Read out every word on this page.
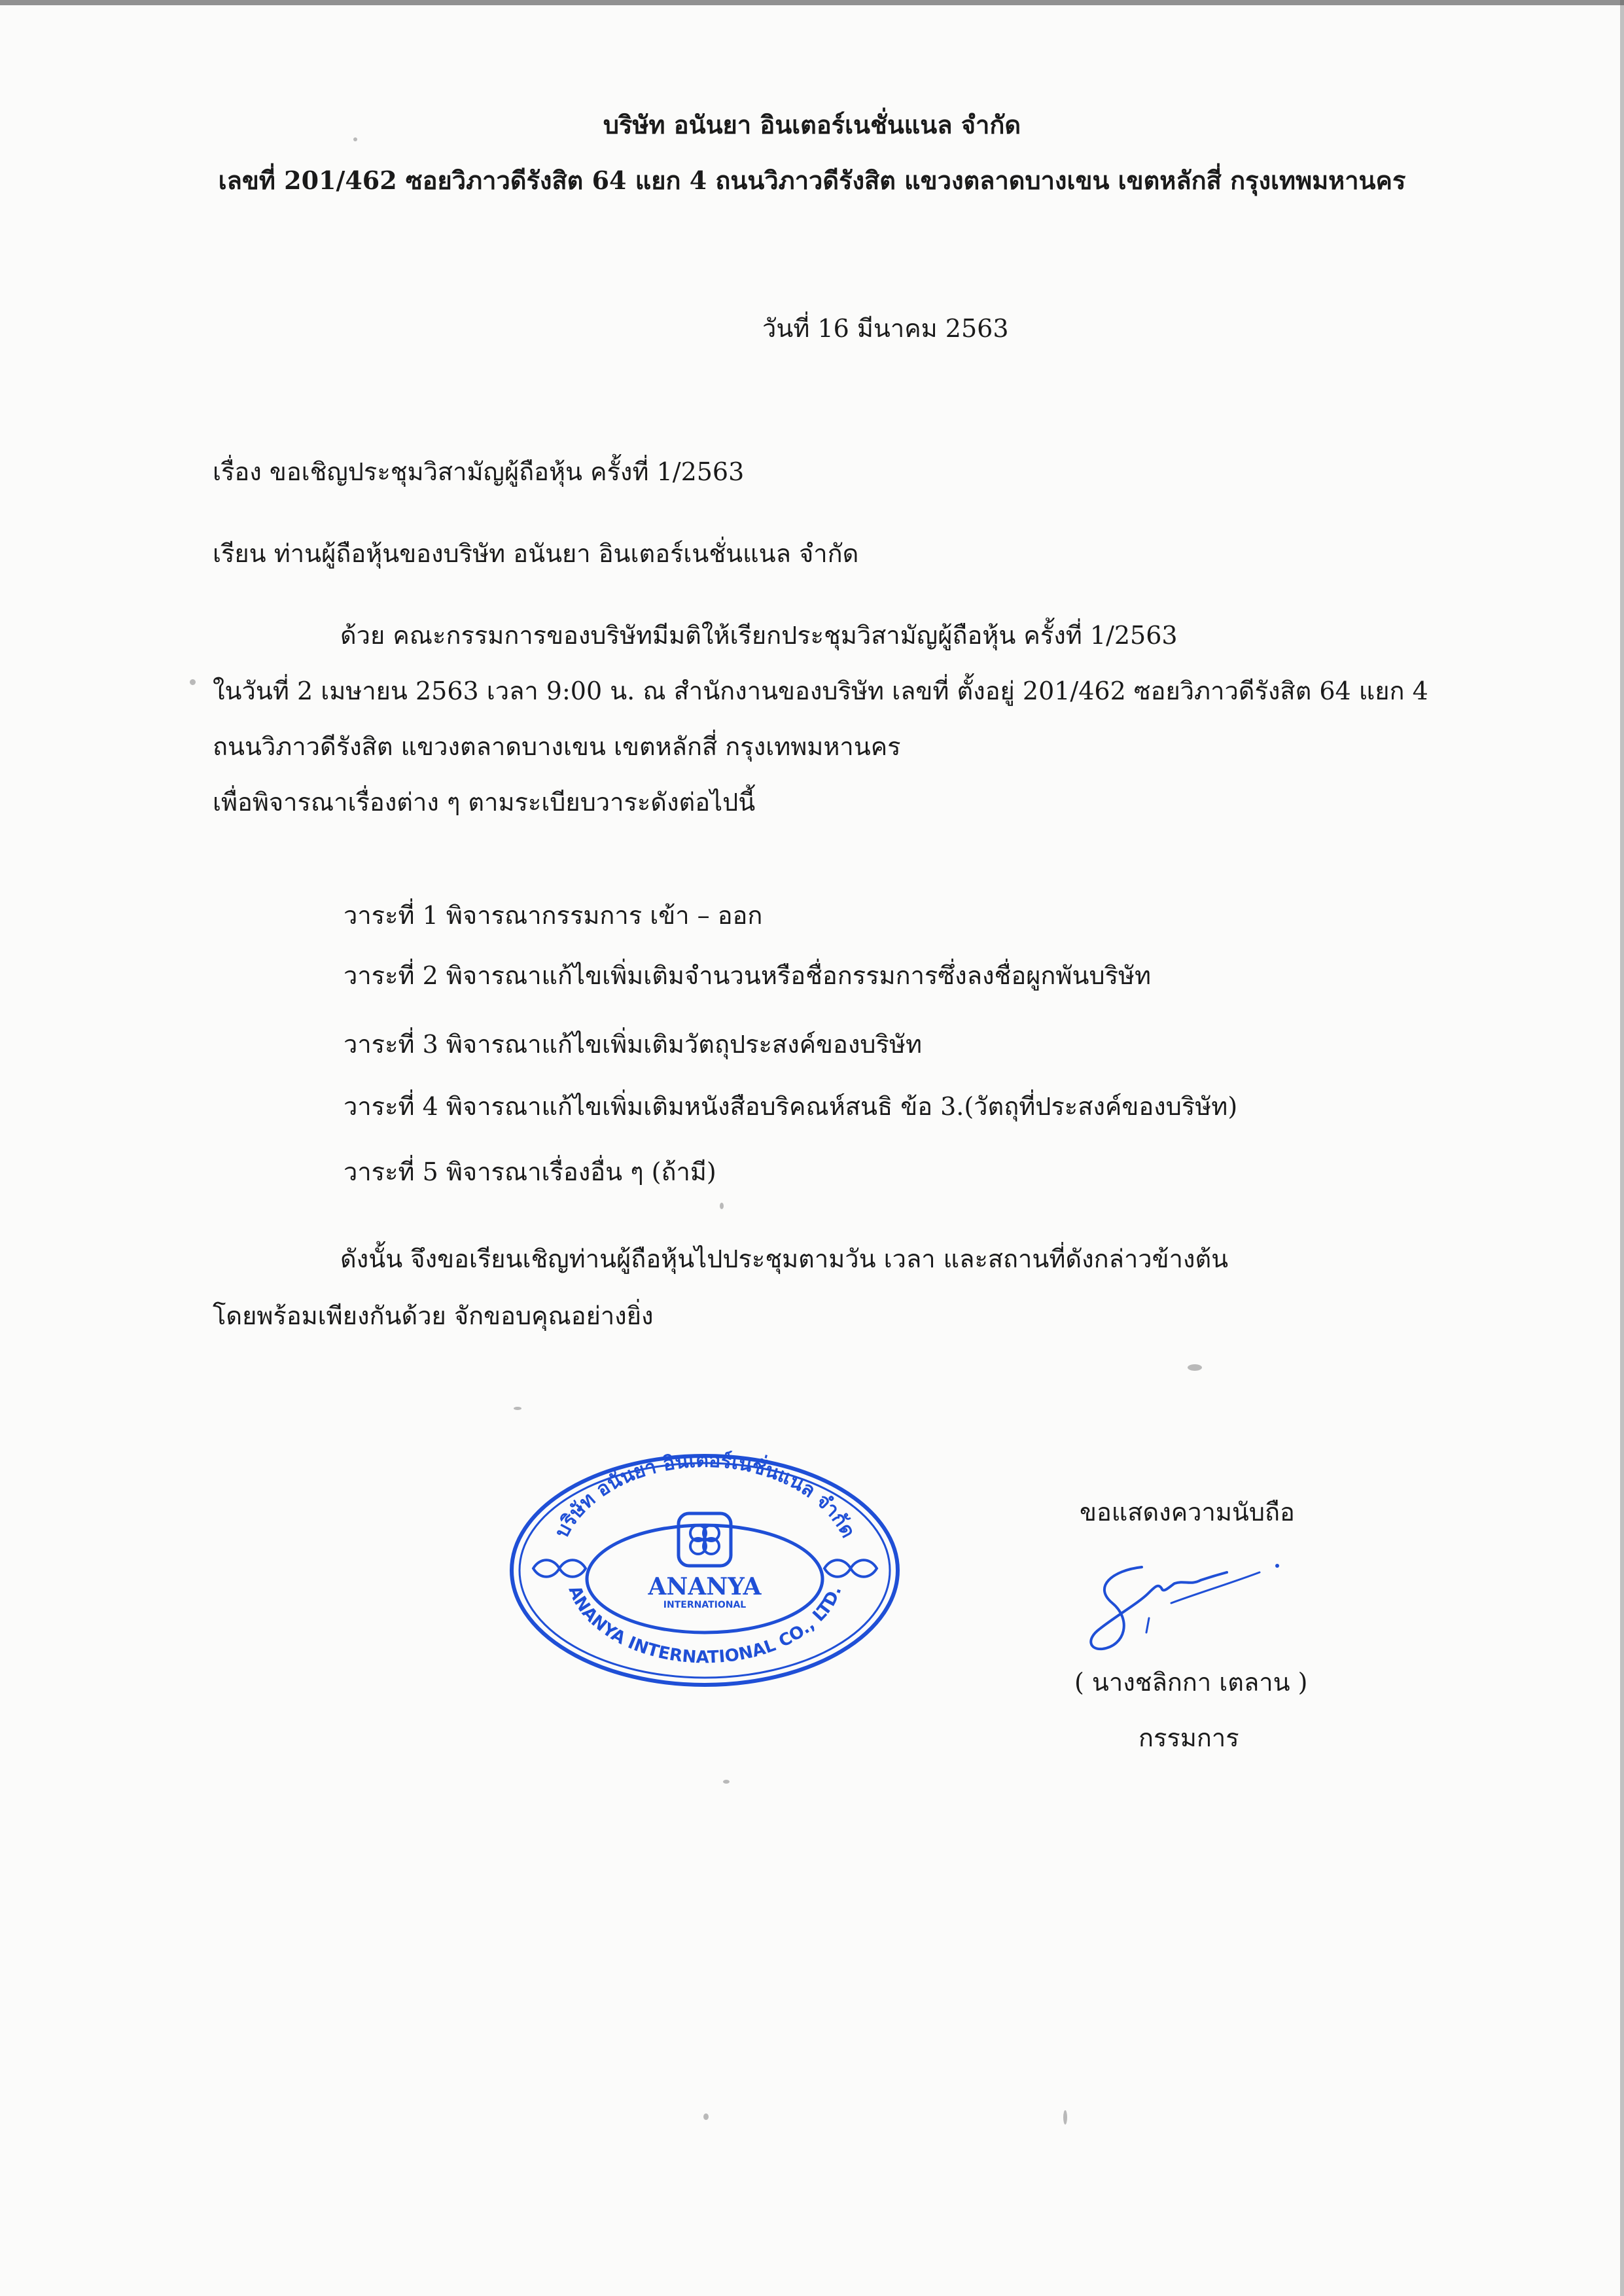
บริษัท อนันยา อินเตอร์เนชั่นแนล จำกัด
เลขที่ 201/462 ซอยวิภาวดีรังสิต 64 แยก 4 ถนนวิภาวดีรังสิต แขวงตลาดบางเขน เขตหลักสี่ กรุงเทพมหานคร
วันที่ 16 มีนาคม 2563
เรื่อง ขอเชิญประชุมวิสามัญผู้ถือหุ้น ครั้งที่ 1/2563
เรียน ท่านผู้ถือหุ้นของบริษัท อนันยา อินเตอร์เนชั่นแนล จำกัด
ด้วย คณะกรรมการของบริษัทมีมติให้เรียกประชุมวิสามัญผู้ถือหุ้น ครั้งที่ 1/2563
ในวันที่ 2 เมษายน 2563 เวลา 9:00 น. ณ สำนักงานของบริษัท เลขที่ ตั้งอยู่ 201/462 ซอยวิภาวดีรังสิต 64 แยก 4
ถนนวิภาวดีรังสิต แขวงตลาดบางเขน เขตหลักสี่ กรุงเทพมหานคร
เพื่อพิจารณาเรื่องต่าง ๆ ตามระเบียบวาระดังต่อไปนี้
วาระที่ 1 พิจารณากรรมการ เข้า – ออก
วาระที่ 2 พิจารณาแก้ไขเพิ่มเติมจำนวนหรือชื่อกรรมการซึ่งลงชื่อผูกพันบริษัท
วาระที่ 3 พิจารณาแก้ไขเพิ่มเติมวัตถุประสงค์ของบริษัท
วาระที่ 4 พิจารณาแก้ไขเพิ่มเติมหนังสือบริคณห์สนธิ ข้อ 3.(วัตถุที่ประสงค์ของบริษัท)
วาระที่ 5 พิจารณาเรื่องอื่น ๆ (ถ้ามี)
ดังนั้น จึงขอเรียนเชิญท่านผู้ถือหุ้นไปประชุมตามวัน เวลา และสถานที่ดังกล่าวข้างต้น
โดยพร้อมเพียงกันด้วย จักขอบคุณอย่างยิ่ง
บริษัท อนันยา อินเตอร์เนชั่นแนล จำกัด
ANANYA INTERNATIONAL CO., LTD.
ANANYA
INTERNATIONAL
ขอแสดงความนับถือ
( นางชลิกกา เตลาน )
กรรมการ
